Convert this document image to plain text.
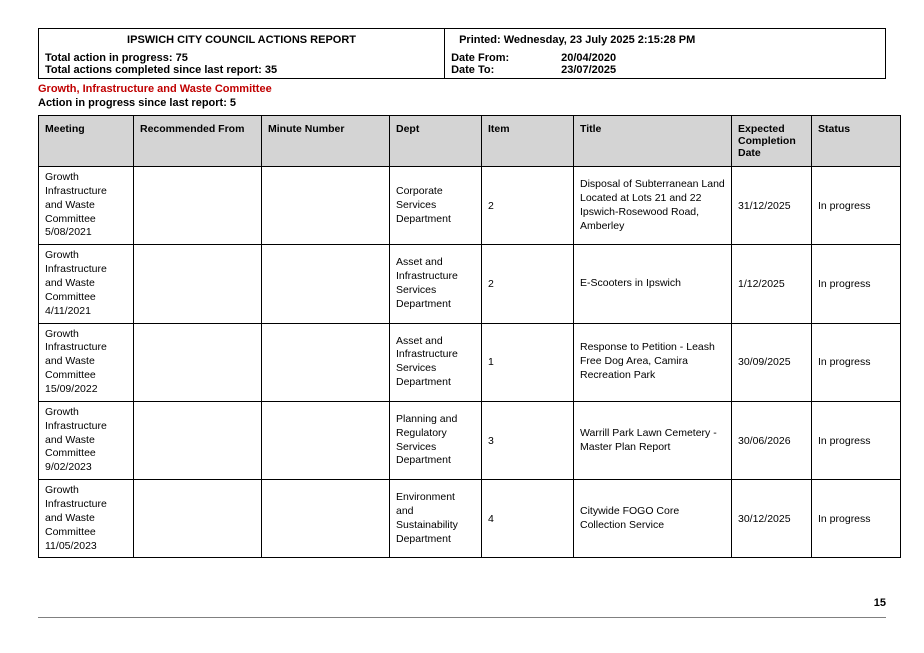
IPSWICH CITY COUNCIL ACTIONS REPORT	Printed: Wednesday, 23 July 2025 2:15:28 PM
Total action in progress: 75
Total actions completed since last report: 35
Date From:	20/04/2020
Date To:	23/07/2025
Growth, Infrastructure and Waste Committee
Action in progress since last report: 5
Meeting	Recommended From	Minute Number	Dept	Item	Title	Expected Completion Date	Status
Growth Infrastructure and Waste Committee 5/08/2021			Corporate Services Department	2	Disposal of Subterranean Land Located at Lots 21 and 22 Ipswich-Rosewood Road, Amberley	31/12/2025	In progress
Growth Infrastructure and Waste Committee 4/11/2021			Asset and Infrastructure Services Department	2	E-Scooters in Ipswich	1/12/2025	In progress
Growth Infrastructure and Waste Committee 15/09/2022			Asset and Infrastructure Services Department	1	Response to Petition - Leash Free Dog Area, Camira Recreation Park	30/09/2025	In progress
Growth Infrastructure and Waste Committee 9/02/2023			Planning and Regulatory Services Department	3	Warrill Park Lawn Cemetery - Master Plan Report	30/06/2026	In progress
Growth Infrastructure and Waste Committee 11/05/2023			Environment and Sustainability Department	4	Citywide FOGO Core Collection Service	30/12/2025	In progress
15
